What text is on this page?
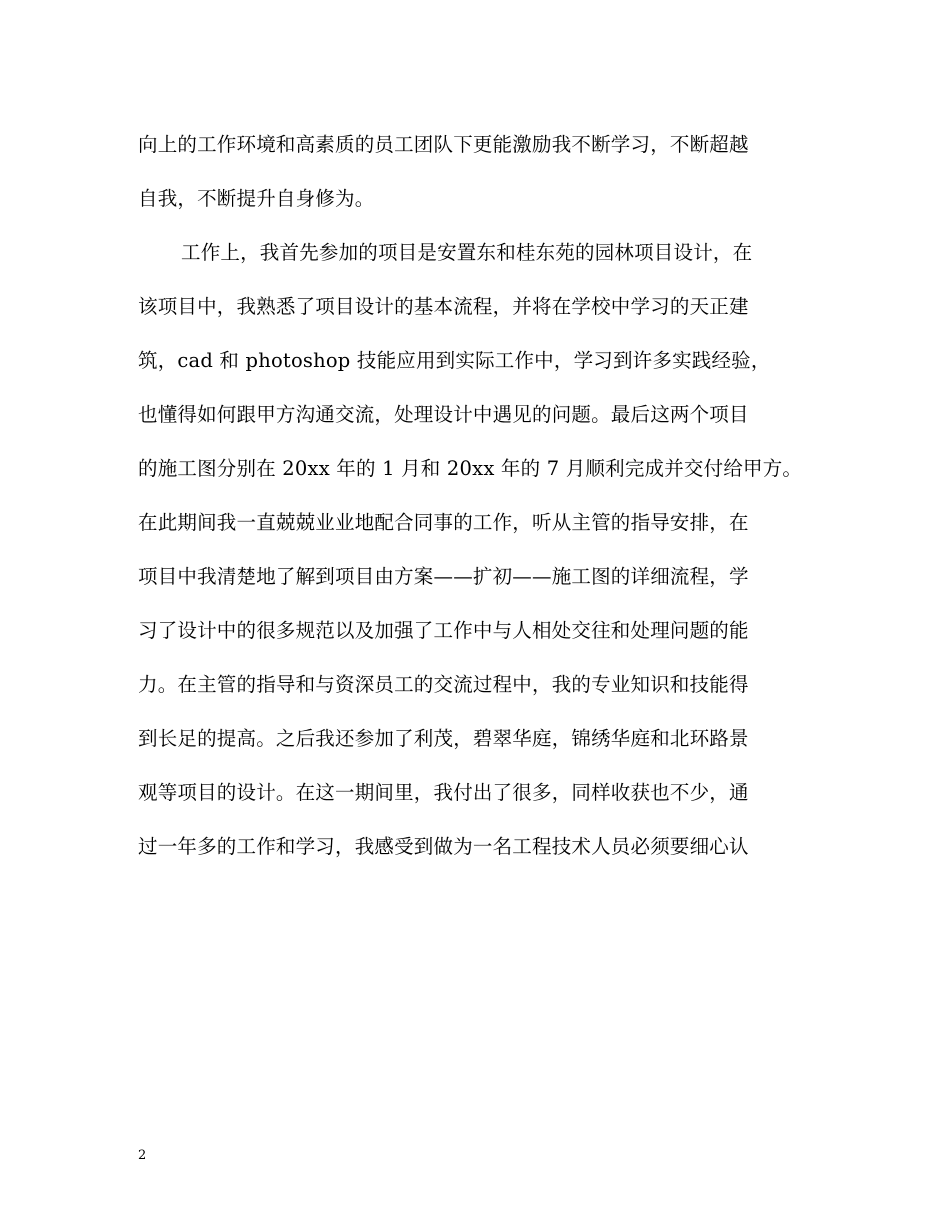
向上的工作环境和高素质的员工团队下更能激励我不断学习，不断超越
自我，不断提升自身修为。
工作上，我首先参加的项目是安置东和桂东苑的园林项目设计，在
该项目中，我熟悉了项目设计的基本流程，并将在学校中学习的天正建
筑，cad 和 photoshop 技能应用到实际工作中，学习到许多实践经验，
也懂得如何跟甲方沟通交流，处理设计中遇见的问题。最后这两个项目
的施工图分别在 20xx 年的 1 月和 20xx 年的 7 月顺利完成并交付给甲方。
在此期间我一直兢兢业业地配合同事的工作，听从主管的指导安排，在
项目中我清楚地了解到项目由方案——扩初——施工图的详细流程，学
习了设计中的很多规范以及加强了工作中与人相处交往和处理问题的能
力。在主管的指导和与资深员工的交流过程中，我的专业知识和技能得
到长足的提高。之后我还参加了利茂，碧翠华庭，锦绣华庭和北环路景
观等项目的设计。在这一期间里，我付出了很多，同样收获也不少，通
过一年多的工作和学习，我感受到做为一名工程技术人员必须要细心认
2
